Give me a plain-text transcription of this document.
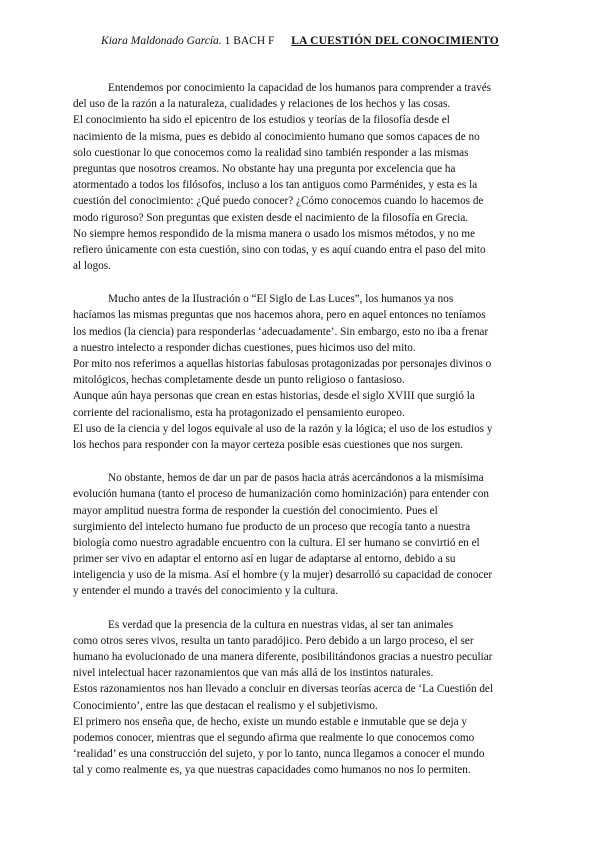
Kiara Maldonado García. 1 BACH F LA CUESTIÓN DEL CONOCIMIENTO
Entendemos por conocimiento la capacidad de los humanos para comprender a través
del uso de la razón a la naturaleza, cualidades y relaciones de los hechos y las cosas.
El conocimiento ha sido el epicentro de los estudios y teorías de la filosofía desde el
nacimiento de la misma, pues es debido al conocimiento humano que somos capaces de no
solo cuestionar lo que conocemos como la realidad sino también responder a las mismas
preguntas que nosotros creamos. No obstante hay una pregunta por excelencia que ha
atormentado a todos los filósofos, incluso a los tan antiguos como Parménides, y esta es la
cuestión del conocimiento: ¿Qué puedo conocer? ¿Cómo conocemos cuando lo hacemos de
modo riguroso? Son preguntas que existen desde el nacimiento de la filosofía en Grecia.
No siempre hemos respondido de la misma manera o usado los mismos métodos, y no me
refiero únicamente con esta cuestión, sino con todas, y es aquí cuando entra el paso del mito
al logos.
Mucho antes de la Ilustración o “El Siglo de Las Luces”, los humanos ya nos
hacíamos las mismas preguntas que nos hacemos ahora, pero en aquel entonces no teníamos
los medios (la ciencia) para responderlas ‘adecuadamente’. Sin embargo, esto no iba a frenar
a nuestro intelecto a responder dichas cuestiones, pues hicimos uso del mito.
Por mito nos referimos a aquellas historias fabulosas protagonizadas por personajes divinos o
mitológicos, hechas completamente desde un punto religioso o fantasioso.
Aunque aún haya personas que crean en estas historias, desde el siglo XVIII que surgió la
corriente del racionalismo, esta ha protagonizado el pensamiento europeo.
El uso de la ciencia y del logos equivale al uso de la razón y la lógica; el uso de los estudios y
los hechos para responder con la mayor certeza posible esas cuestiones que nos surgen.
No obstante, hemos de dar un par de pasos hacia atrás acercándonos a la mismísima
evolución humana (tanto el proceso de humanización como hominización) para entender con
mayor amplitud nuestra forma de responder la cuestión del conocimiento. Pues el
surgimiento del intelecto humano fue producto de un proceso que recogía tanto a nuestra
biología como nuestro agradable encuentro con la cultura. El ser humano se convirtió en el
primer ser vivo en adaptar el entorno así en lugar de adaptarse al entorno, debido a su
inteligencia y uso de la misma. Así el hombre (y la mujer) desarrolló su capacidad de conocer
y entender el mundo a través del conocimiento y la cultura.
Es verdad que la presencia de la cultura en nuestras vidas, al ser tan animales
como otros seres vivos, resulta un tanto paradójico. Pero debido a un largo proceso, el ser
humano ha evolucionado de una manera diferente, posibilitándonos gracias a nuestro peculiar
nivel intelectual hacer razonamientos que van más allá de los instintos naturales.
Estos razonamientos nos han llevado a concluir en diversas teorías acerca de ‘La Cuestión del
Conocimiento’, entre las que destacan el realismo y el subjetivismo.
El primero nos enseña que, de hecho, existe un mundo estable e inmutable que se deja y
podemos conocer, mientras que el segundo afirma que realmente lo que conocemos como
‘realidad’ es una construcción del sujeto, y por lo tanto, nunca llegamos a conocer el mundo
tal y como realmente es, ya que nuestras capacidades como humanos no nos lo permiten.
